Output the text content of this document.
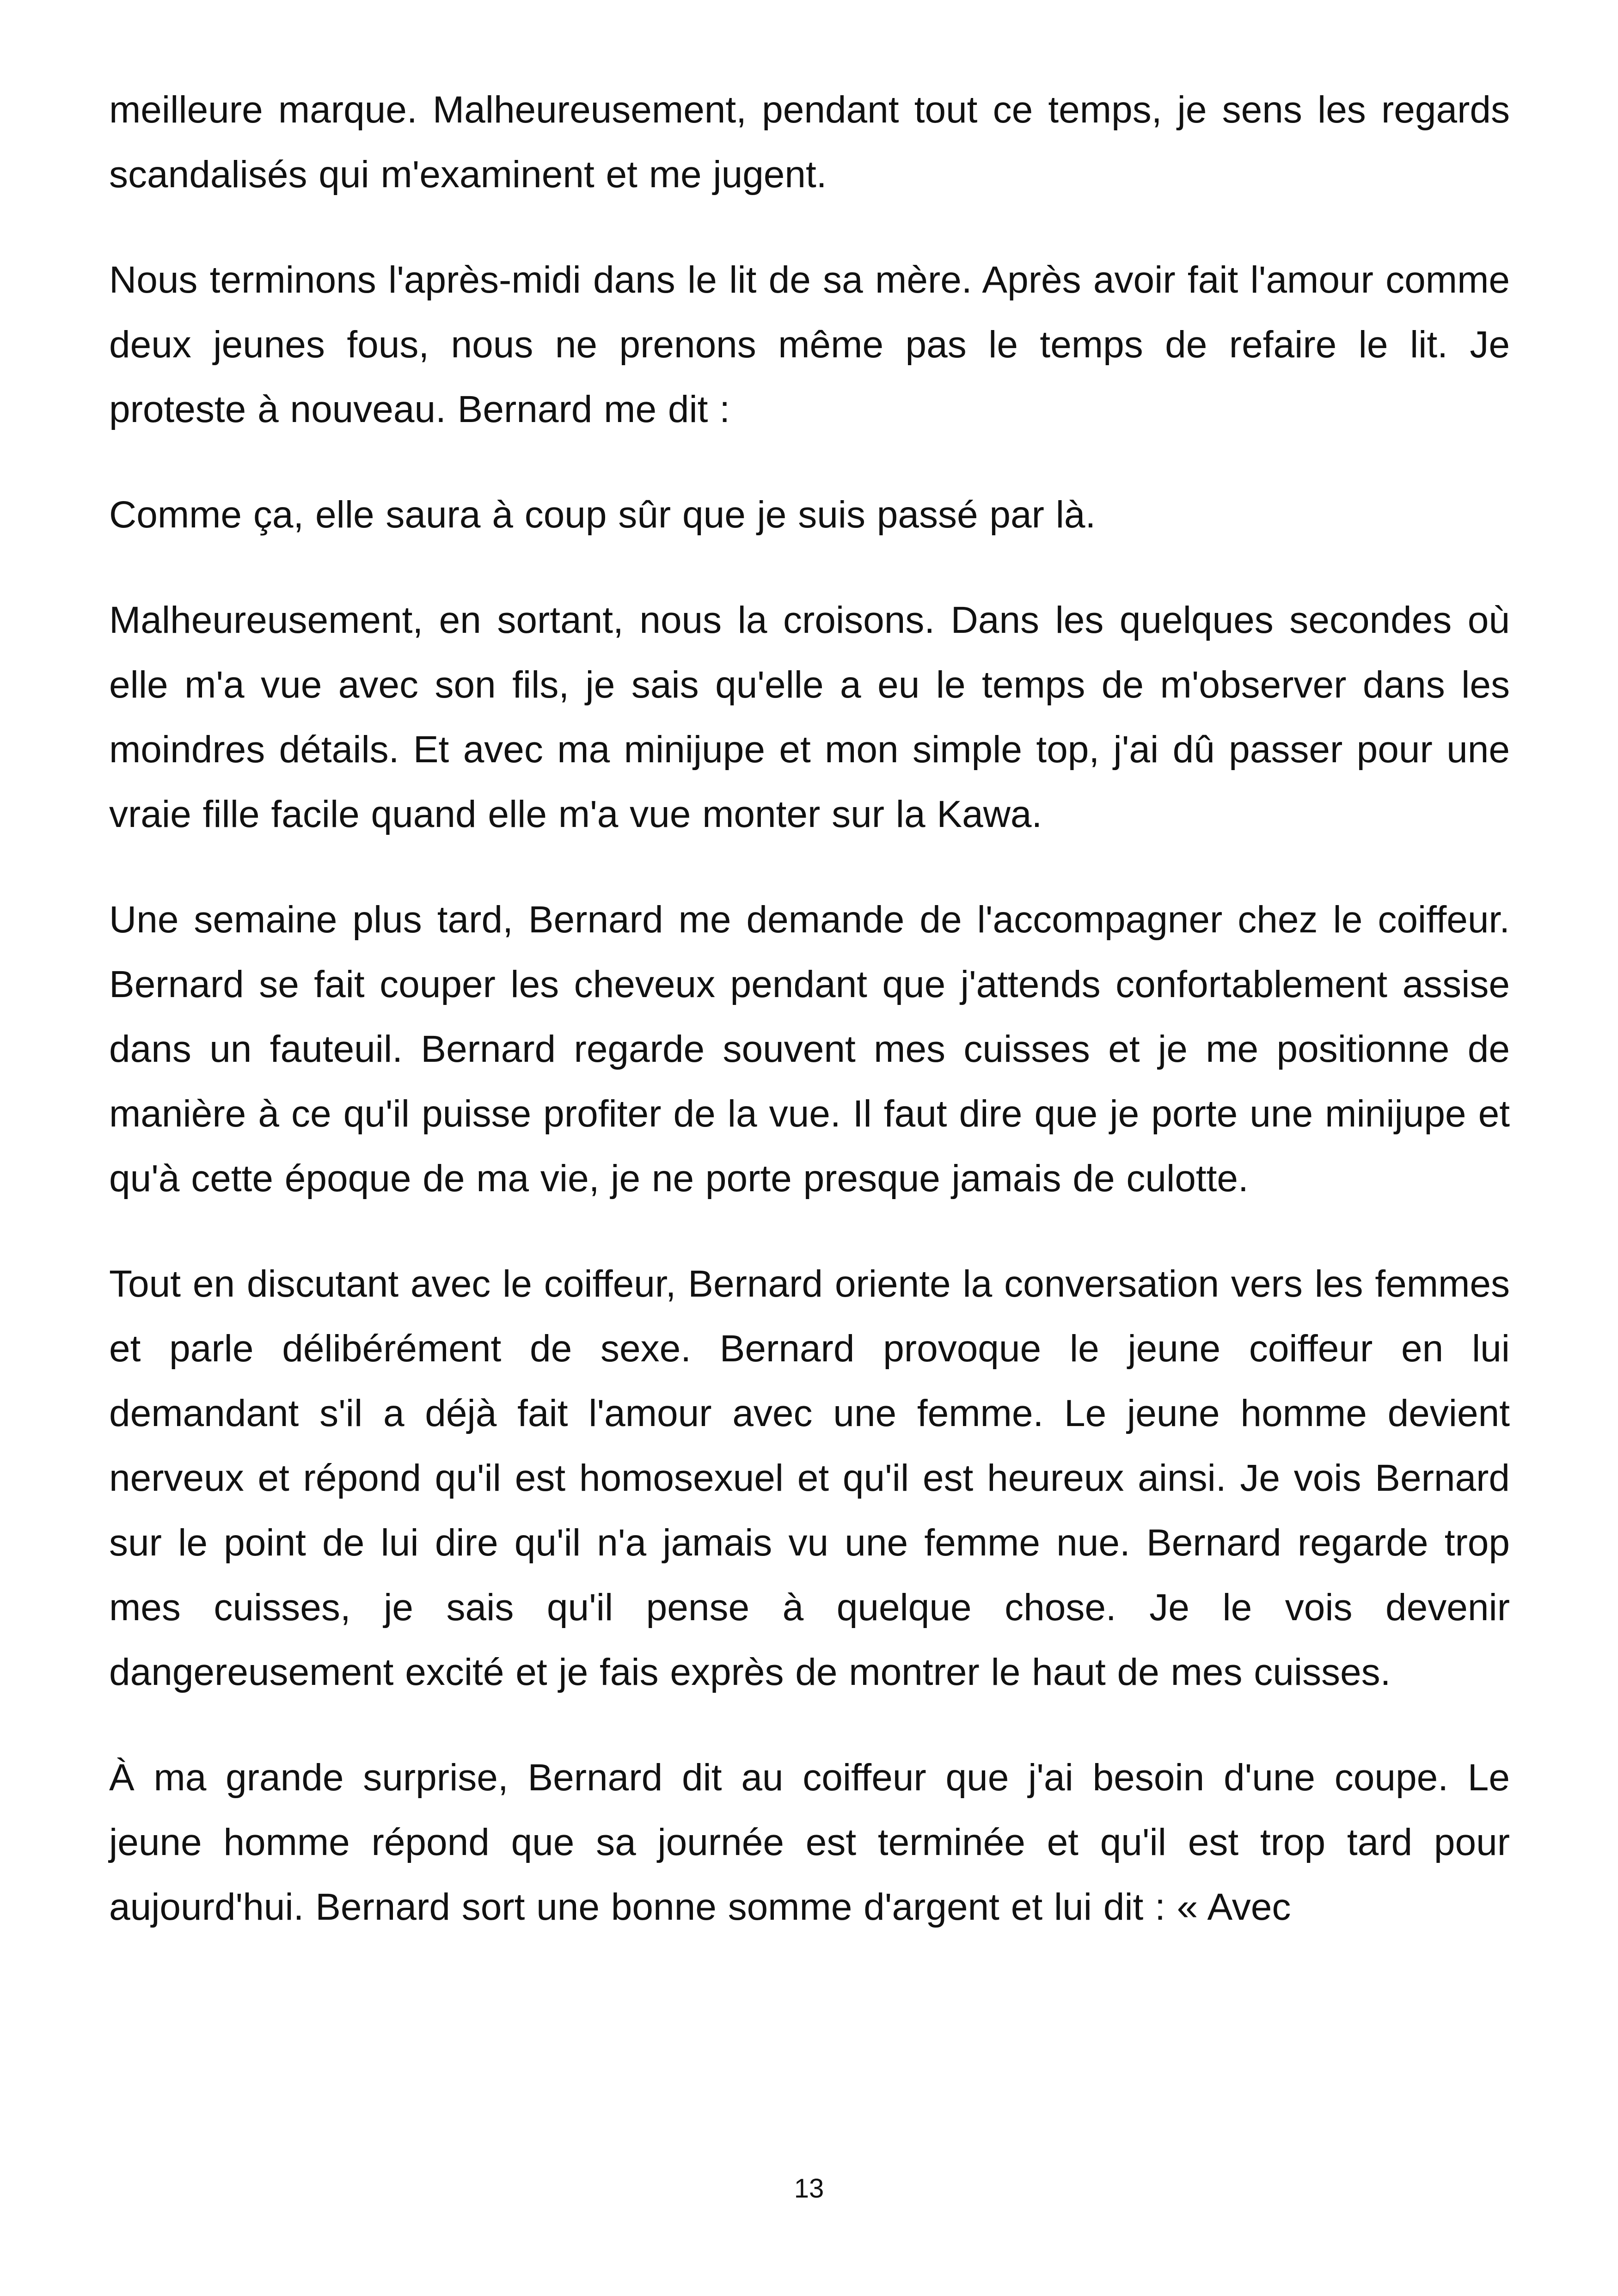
meilleure marque. Malheureusement, pendant tout ce temps, je sens les regards scandalisés qui m'examinent et me jugent.

Nous terminons l'après-midi dans le lit de sa mère. Après avoir fait l'amour comme deux jeunes fous, nous ne prenons même pas le temps de refaire le lit. Je proteste à nouveau. Bernard me dit :

Comme ça, elle saura à coup sûr que je suis passé par là.

Malheureusement, en sortant, nous la croisons. Dans les quelques secondes où elle m'a vue avec son fils, je sais qu'elle a eu le temps de m'observer dans les moindres détails. Et avec ma minijupe et mon simple top, j'ai dû passer pour une vraie fille facile quand elle m'a vue monter sur la Kawa.

Une semaine plus tard, Bernard me demande de l'accompagner chez le coiffeur. Bernard se fait couper les cheveux pendant que j'attends confortablement assise dans un fauteuil. Bernard regarde souvent mes cuisses et je me positionne de manière à ce qu'il puisse profiter de la vue. Il faut dire que je porte une minijupe et qu'à cette époque de ma vie, je ne porte presque jamais de culotte.

Tout en discutant avec le coiffeur, Bernard oriente la conversation vers les femmes et parle délibérément de sexe. Bernard provoque le jeune coiffeur en lui demandant s'il a déjà fait l'amour avec une femme. Le jeune homme devient nerveux et répond qu'il est homosexuel et qu'il est heureux ainsi. Je vois Bernard sur le point de lui dire qu'il n'a jamais vu une femme nue. Bernard regarde trop mes cuisses, je sais qu'il pense à quelque chose. Je le vois devenir dangereusement excité et je fais exprès de montrer le haut de mes cuisses.

À ma grande surprise, Bernard dit au coiffeur que j'ai besoin d'une coupe. Le jeune homme répond que sa journée est terminée et qu'il est trop tard pour aujourd'hui. Bernard sort une bonne somme d'argent et lui dit : « Avec

13
